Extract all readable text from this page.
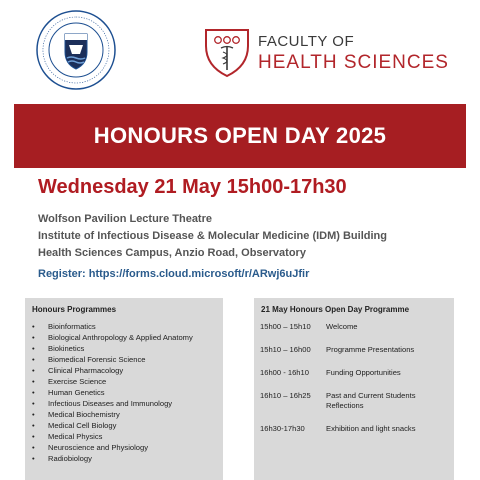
FACULTY OF
HEALTH SCIENCES
HONOURS OPEN DAY 2025
Wednesday 21 May 15h00-17h30
Wolfson Pavilion Lecture Theatre
Institute of Infectious Disease & Molecular Medicine (IDM) Building
Health Sciences Campus, Anzio Road, Observatory
Register: https://forms.cloud.microsoft/r/ARwj6uJfir
Honours Programmes
• Bioinformatics
• Biological Anthropology & Applied Anatomy
• Biokinetics
• Biomedical Forensic Science
• Clinical Pharmacology
• Exercise Science
• Human Genetics
• Infectious Diseases and Immunology
• Medical Biochemistry
• Medical Cell Biology
• Medical Physics
• Neuroscience and Physiology
• Radiobiology
21 May Honours Open Day Programme
15h00 – 15h10	Welcome
15h10 – 16h00	Programme Presentations
16h00 - 16h10	Funding Opportunities
16h10 – 16h25	Past and Current Students Reflections
16h30-17h30	Exhibition and light snacks
